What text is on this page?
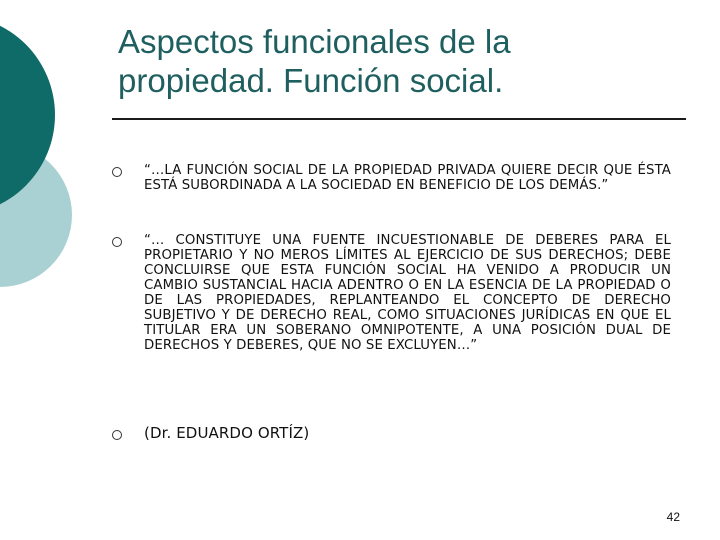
Aspectos funcionales de la
propiedad. Función social.
“…LA FUNCIÓN SOCIAL DE LA PROPIEDAD PRIVADA QUIERE DECIR QUE ÉSTA ESTÁ SUBORDINADA A LA SOCIEDAD EN BENEFICIO DE LOS DEMÁS.”
“… CONSTITUYE UNA FUENTE INCUESTIONABLE DE DEBERES PARA EL PROPIETARIO Y NO MEROS LÍMITES AL EJERCICIO DE SUS DERECHOS; DEBE CONCLUIRSE QUE ESTA FUNCIÓN SOCIAL HA VENIDO A PRODUCIR UN CAMBIO SUSTANCIAL HACIA ADENTRO O EN LA ESENCIA DE LA PROPIEDAD O DE LAS PROPIEDADES, REPLANTEANDO EL CONCEPTO DE DERECHO SUBJETIVO Y DE DERECHO REAL, COMO SITUACIONES JURÍDICAS EN QUE EL TITULAR ERA UN SOBERANO OMNIPOTENTE, A UNA POSICIÓN DUAL DE DERECHOS Y DEBERES, QUE NO SE EXCLUYEN…”
(Dr. EDUARDO ORTÍZ)
42
